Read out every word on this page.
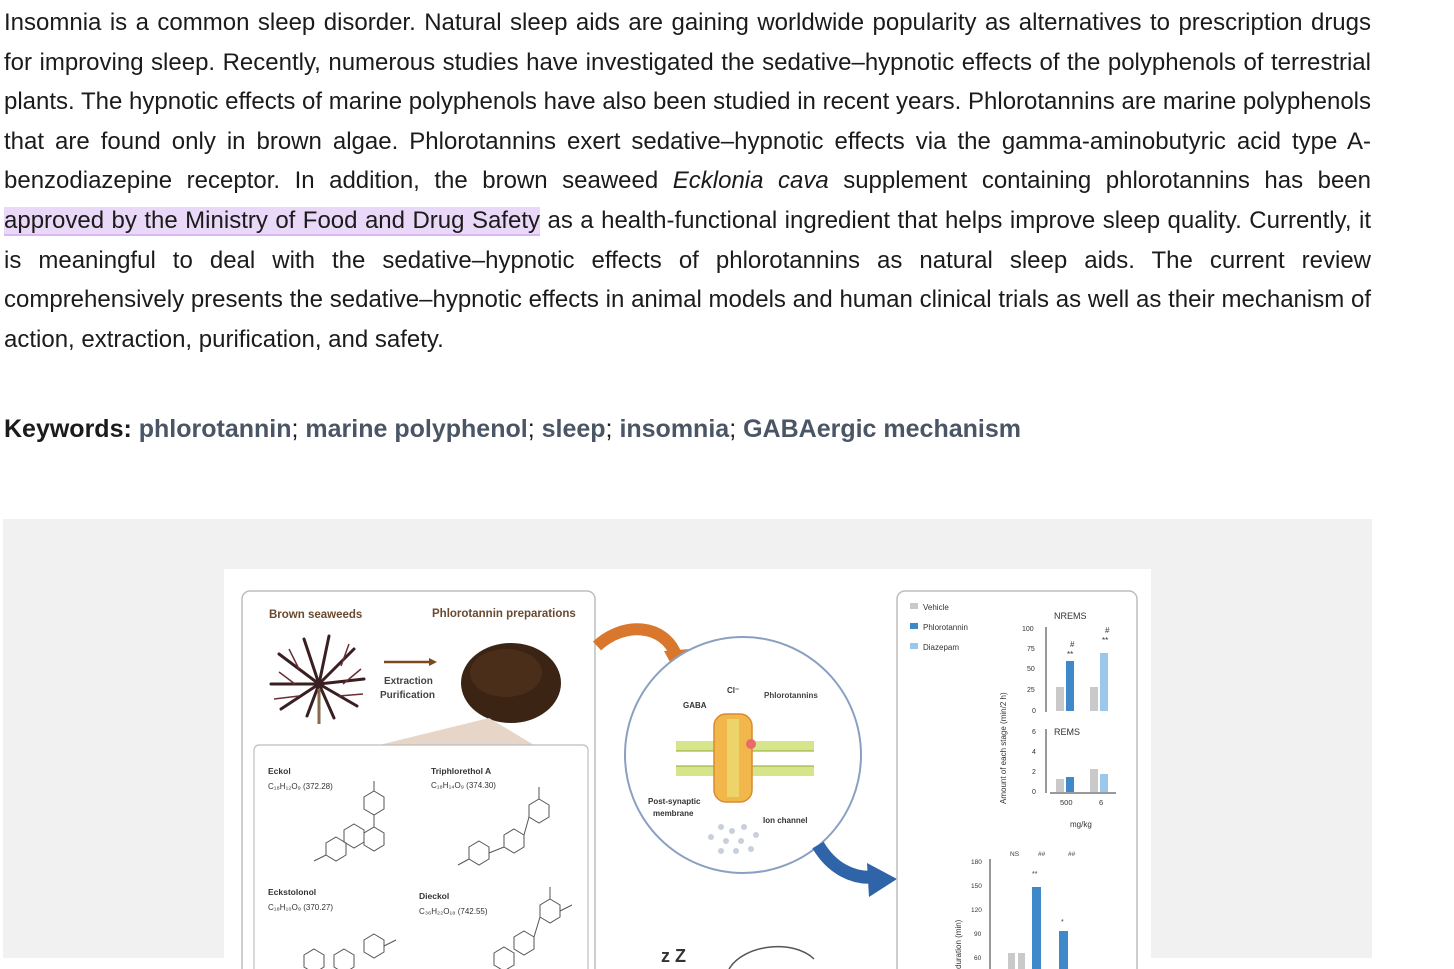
Insomnia is a common sleep disorder. Natural sleep aids are gaining worldwide popularity as alternatives to prescription drugs for improving sleep. Recently, numerous studies have investigated the sedative–hypnotic effects of the polyphenols of terrestrial plants. The hypnotic effects of marine polyphenols have also been studied in recent years. Phlorotannins are marine polyphenols that are found only in brown algae. Phlorotannins exert sedative–hypnotic effects via the gamma-aminobutyric acid type A-benzodiazepine receptor. In addition, the brown seaweed Ecklonia cava supplement containing phlorotannins has been approved by the Ministry of Food and Drug Safety as a health-functional ingredient that helps improve sleep quality. Currently, it is meaningful to deal with the sedative–hypnotic effects of phlorotannins as natural sleep aids. The current review comprehensively presents the sedative–hypnotic effects in animal models and human clinical trials as well as their mechanism of action, extraction, purification, and safety.

Keywords: phlorotannin; marine polyphenol; sleep; insomnia; GABAergic mechanism

Brown seaweeds	Phlorotannin preparations
Extraction
Purification
Eckol
C₁₈H₁₂O₉ (372.28)
Triphlorethol A
C₁₈H₁₄O₉ (374.30)
Eckstolonol
C₁₈H₁₀O₉ (370.27)
Dieckol
C₃₆H₂₂O₁₈ (742.55)
GABA
Cl⁻
Phlorotannins
Post-synaptic
membrane
Ion channel
z Z
Vehicle
Phlorotannin
Diazepam
NREMS
Amount of each stage (min/2 h)
100
75
50
25
0
#
**
#
**
REMS
6
4
2
0
500	6
mg/kg
duration (min)
180
150
120
90
60
NS	##	##
**
*
